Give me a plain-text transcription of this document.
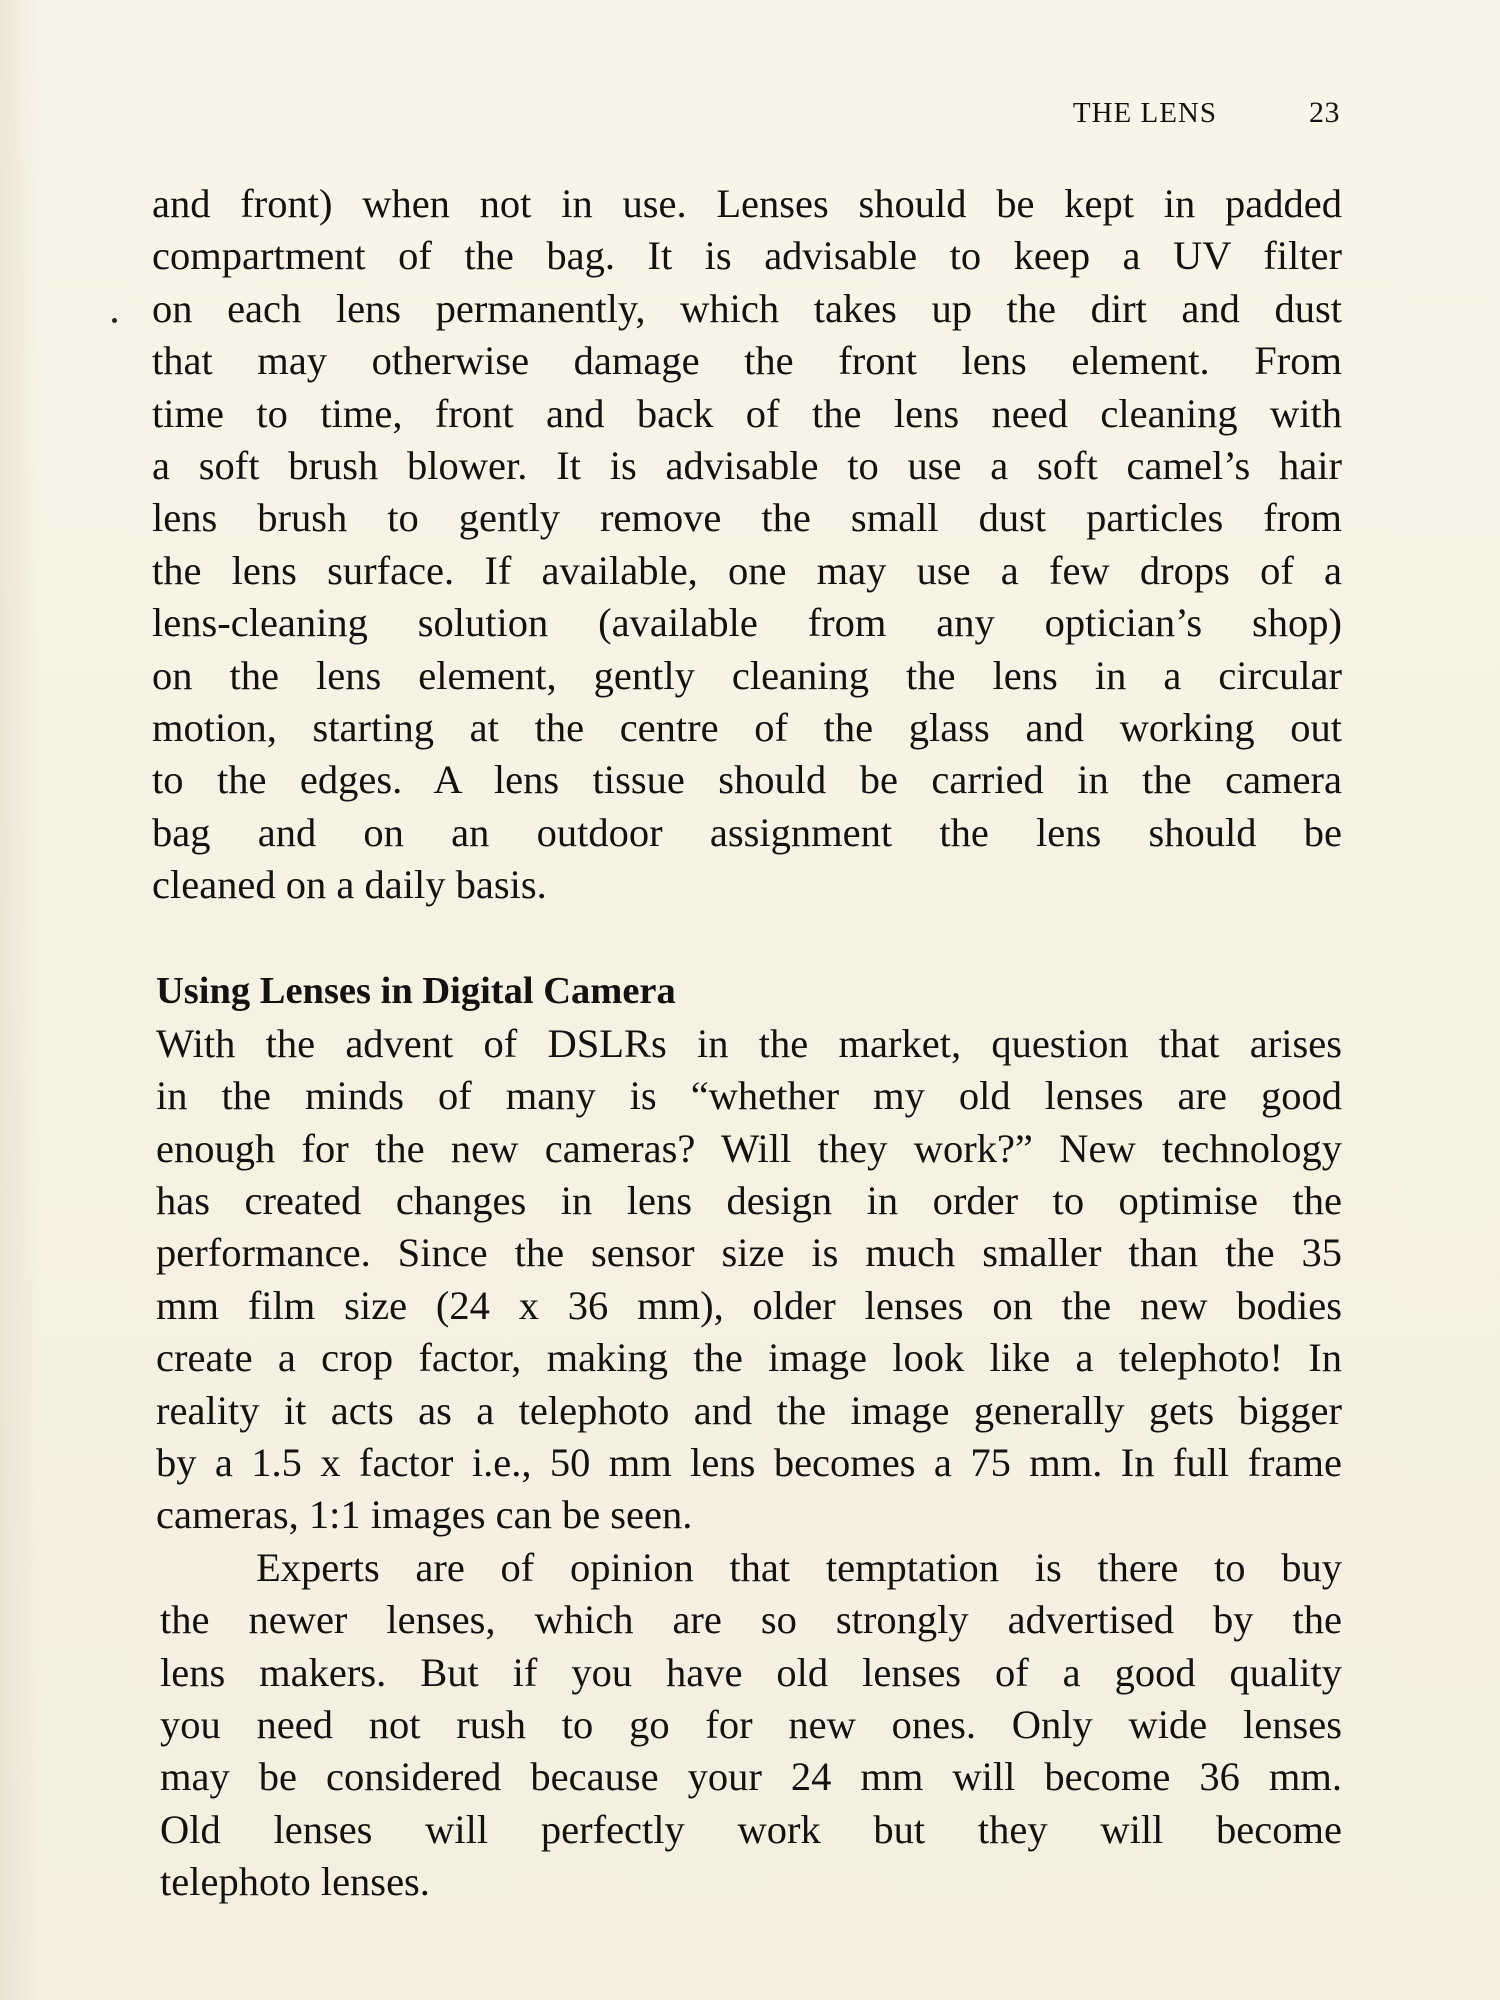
THE LENS	23

and front) when not in use. Lenses should be kept in padded
compartment of the bag. It is advisable to keep a UV filter
on each lens permanently, which takes up the dirt and dust
that may otherwise damage the front lens element. From
time to time, front and back of the lens need cleaning with
a soft brush blower. It is advisable to use a soft camel’s hair
lens brush to gently remove the small dust particles from
the lens surface. If available, one may use a few drops of a
lens-cleaning solution (available from any optician’s shop)
on the lens element, gently cleaning the lens in a circular
motion, starting at the centre of the glass and working out
to the edges. A lens tissue should be carried in the camera
bag and on an outdoor assignment the lens should be
cleaned on a daily basis.

Using Lenses in Digital Camera

With the advent of DSLRs in the market, question that arises
in the minds of many is “whether my old lenses are good
enough for the new cameras? Will they work?” New technology
has created changes in lens design in order to optimise the
performance. Since the sensor size is much smaller than the 35
mm film size (24 x 36 mm), older lenses on the new bodies
create a crop factor, making the image look like a telephoto! In
reality it acts as a telephoto and the image generally gets bigger
by a 1.5 x factor i.e., 50 mm lens becomes a 75 mm. In full frame
cameras, 1:1 images can be seen.

Experts are of opinion that temptation is there to buy
the newer lenses, which are so strongly advertised by the
lens makers. But if you have old lenses of a good quality
you need not rush to go for new ones. Only wide lenses
may be considered because your 24 mm will become 36 mm.
Old lenses will perfectly work but they will become
telephoto lenses.
